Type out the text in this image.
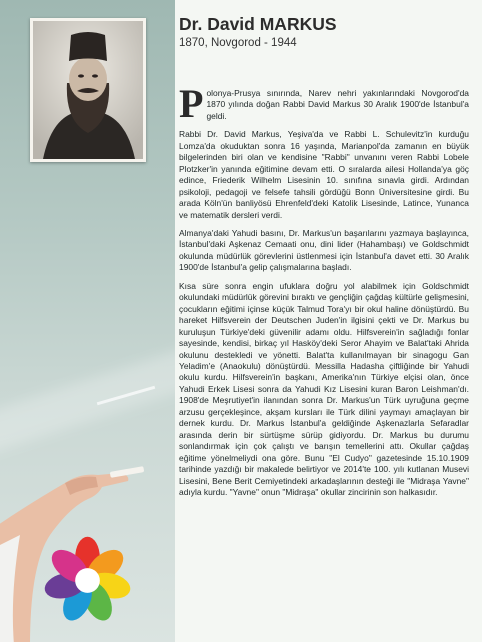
Dr. David MARKUS
1870, Novgorod - 1944

Polonya-Prusya sınırında, Narev nehri yakınlarındaki Novgorod'da 1870 yılında doğan Rabbi David Markus 30 Aralık 1900'de İstanbul'a geldi.

Rabbi Dr. David Markus, Yeşiva'da ve Rabbi L. Schulevitz'in kurduğu Lomza'da okuduktan sonra 16 yaşında, Marianpol'da zamanın en büyük bilgelerinden biri olan ve kendisine "Rabbi" unvanını veren Rabbi Lobele Plotzker'in yanında eğitimine devam etti. O sıralarda ailesi Hollanda'ya göç edince, Friederik Wilhelm Lisesinin 10. sınıfına sınavla girdi. Ardından psikoloji, pedagoji ve felsefe tahsili gördüğü Bonn Üniversitesine girdi. Bu arada Köln'ün banliyösü Ehrenfeld'deki Katolik Lisesinde, Latince, Yunanca ve matematik dersleri verdi.

Almanya'daki Yahudi basını, Dr. Markus'un başarılarını yazmaya başlayınca, İstanbul'daki Aşkenaz Cemaati onu, dini lider (Hahambaşı) ve Goldschmidt okulunda müdürlük görevlerini üstlenmesi için İstanbul'a davet etti. 30 Aralık 1900'de İstanbul'a gelip çalışmalarına başladı.

Kısa süre sonra engin ufuklara doğru yol alabilmek için Goldschmidt okulundaki müdürlük görevini bıraktı ve gençliğin çağdaş kültürle gelişmesini, çocukların eğitimi içinse küçük Talmud Tora'yı bir okul haline dönüştürdü. Bu hareket Hilfsverein der Deutschen Juden'in ilgisini çekti ve Dr. Markus bu kuruluşun Türkiye'deki güvenilir adamı oldu. Hilfsverein'in sağladığı fonlar sayesinde, kendisi, birkaç yıl Hasköy'deki Seror Ahayim ve Balat'taki Ahrida okulunu destekledi ve yönetti. Balat'ta kullanılmayan bir sinagogu Gan Yeladim'e (Anaokulu) dönüştürdü. Messilla Hadasha çiftliğinde bir Yahudi okulu kurdu. Hilfsverein'in başkanı, Amerika'nın Türkiye elçisi olan, önce Yahudi Erkek Lisesi sonra da Yahudi Kız Lisesini kuran Baron Leishman'dı. 1908'de Meşrutiyet'in ilanından sonra Dr. Markus'un Türk uyruğuna geçme arzusu gerçekleşince, akşam kursları ile Türk dilini yaymayı amaçlayan bir dernek kurdu. Dr. Markus İstanbul'a geldiğinde Aşkenazlarla Sefaradlar arasında derin bir sürtüşme sürüp gidiyordu. Dr. Markus bu durumu sonlandırmak için çok çalıştı ve barışın temellerini attı. Okullar çağdaş eğitime yönelmeliydi ona göre. Bunu "El Cudyo" gazetesinde 15.10.1909 tarihinde yazdığı bir makalede belirtiyor ve 2014'te 100. yılı kutlanan Musevi Lisesini, Bene Berit Cemiyetindeki arkadaşlarının desteği ile "Midraşa Yavne" adıyla kurdu. "Yavne" onun "Midraşa" okullar zincirinin son halkasıdır.
